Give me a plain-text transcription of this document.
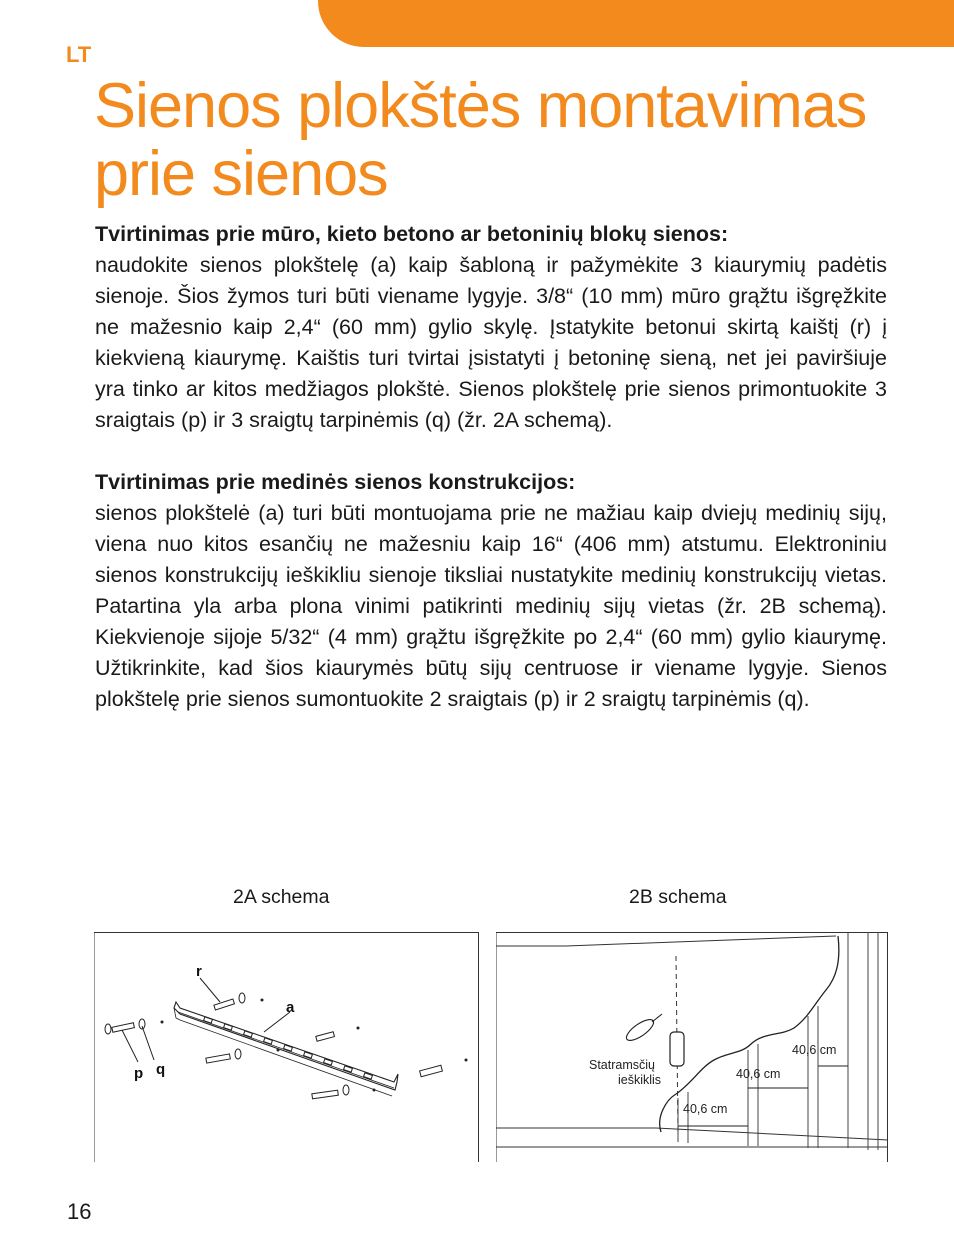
LT
Sienos plokštės montavimas
prie sienos
Tvirtinimas prie mūro, kieto betono ar betoninių blokų sienos:

naudokite sienos plokštelę (a) kaip šabloną ir pažymėkite 3 kiaurymių padėtis sienoje. Šios žymos turi būti viename lygyje. 3/8“ (10 mm) mūro grąžtu išgręžkite ne mažesnio kaip 2,4“ (60 mm) gylio skylę. Įstatykite betonui skirtą kaištį (r) į kiekvieną kiaurymę. Kaištis turi tvirtai įsistatyti į betoninę sieną, net jei paviršiuje yra tinko ar kitos medžiagos plokštė. Sienos plokštelę prie sienos primontuokite 3 sraigtais (p) ir 3 sraigtų tarpinėmis (q) (žr. 2A schemą).

Tvirtinimas prie medinės sienos konstrukcijos:

sienos plokštelė (a) turi būti montuojama prie ne mažiau kaip dviejų medinių sijų, viena nuo kitos esančių ne mažesniu kaip 16“ (406 mm) atstumu. Elektroniniu sienos konstrukcijų ieškikliu sienoje tiksliai nustatykite medinių konstrukcijų vietas. Patartina yla arba plona vinimi patikrinti medinių sijų vietas (žr. 2B schemą). Kiekvienoje sijoje 5/32“ (4 mm) grąžtu išgręžkite po 2,4“ (60 mm) gylio kiaurymę. Užtikrinkite, kad šios kiaurymės būtų sijų centruose ir viename lygyje. Sienos plokštelę prie sienos sumontuokite 2 sraigtais (p) ir 2 sraigtų tarpinėmis (q).

2A schema	2B schema
r
a
p q	Statramsčių
ieškiklis
40,6 cm
40,6 cm
40,6 cm
16
